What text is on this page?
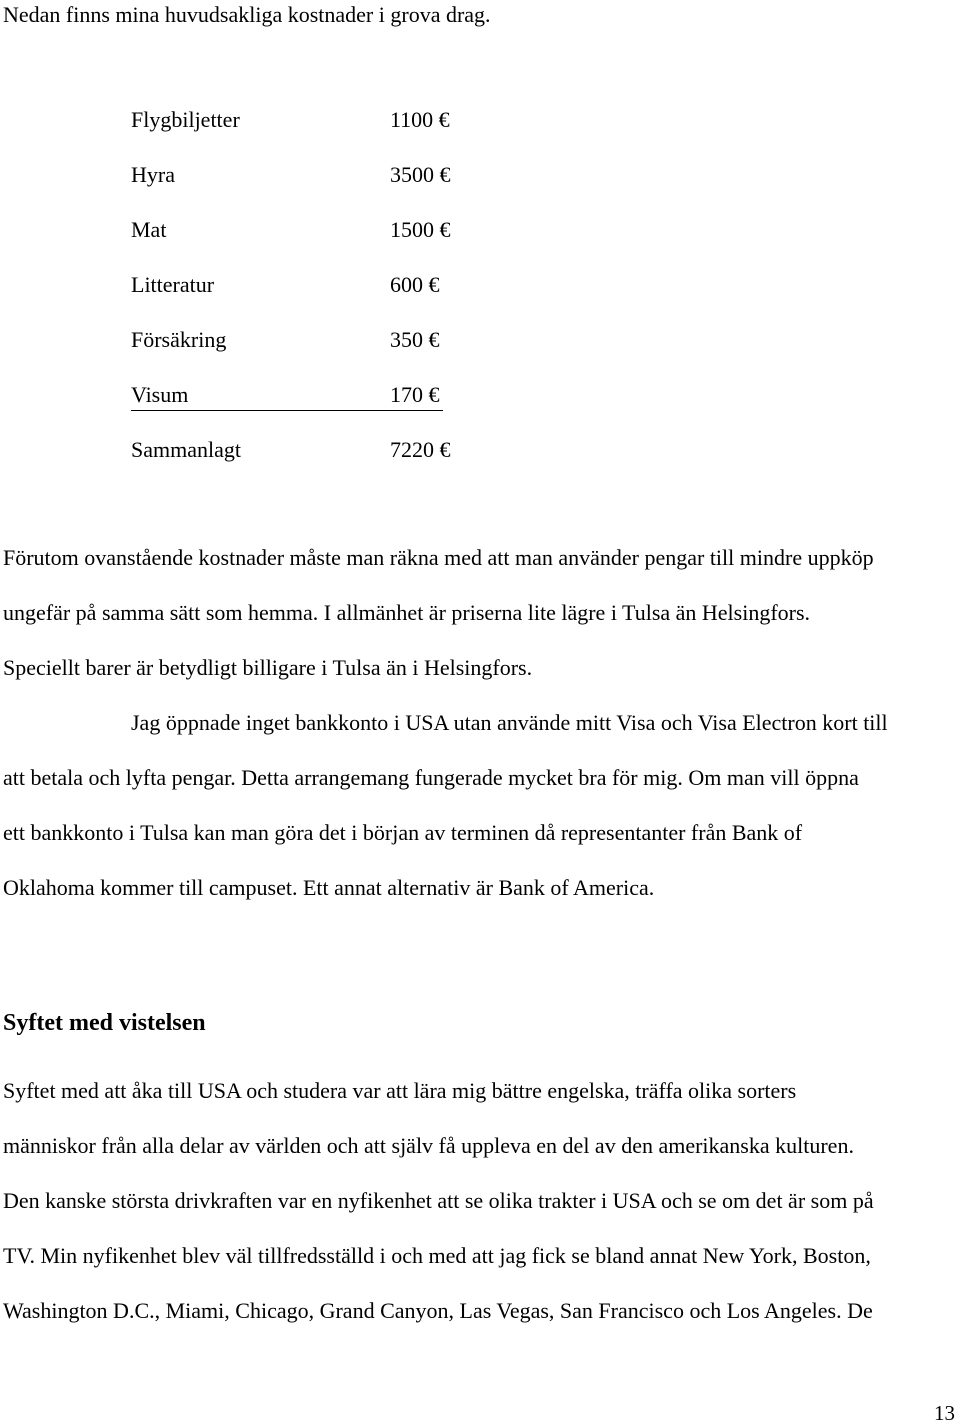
Nedan finns mina huvudsakliga kostnader i grova drag.
Flygbiljetter	1100 €
Hyra	3500 €
Mat	1500 €
Litteratur	600 €
Försäkring	350 €
Visum	170 €
Sammanlagt	7220 €
Förutom ovanstående kostnader måste man räkna med att man använder pengar till mindre uppköp
ungefär på samma sätt som hemma. I allmänhet är priserna lite lägre i Tulsa än Helsingfors.
Speciellt barer är betydligt billigare i Tulsa än i Helsingfors.
Jag öppnade inget bankkonto i USA utan använde mitt Visa och Visa Electron kort till
att betala och lyfta pengar. Detta arrangemang fungerade mycket bra för mig. Om man vill öppna
ett bankkonto i Tulsa kan man göra det i början av terminen då representanter från Bank of
Oklahoma kommer till campuset. Ett annat alternativ är Bank of America.
Syftet med vistelsen
Syftet med att åka till USA och studera var att lära mig bättre engelska, träffa olika sorters
människor från alla delar av världen och att själv få uppleva en del av den amerikanska kulturen.
Den kanske största drivkraften var en nyfikenhet att se olika trakter i USA och se om det är som på
TV. Min nyfikenhet blev väl tillfredsställd i och med att jag fick se bland annat New York, Boston,
Washington D.C., Miami, Chicago, Grand Canyon, Las Vegas, San Francisco och Los Angeles. De
13
